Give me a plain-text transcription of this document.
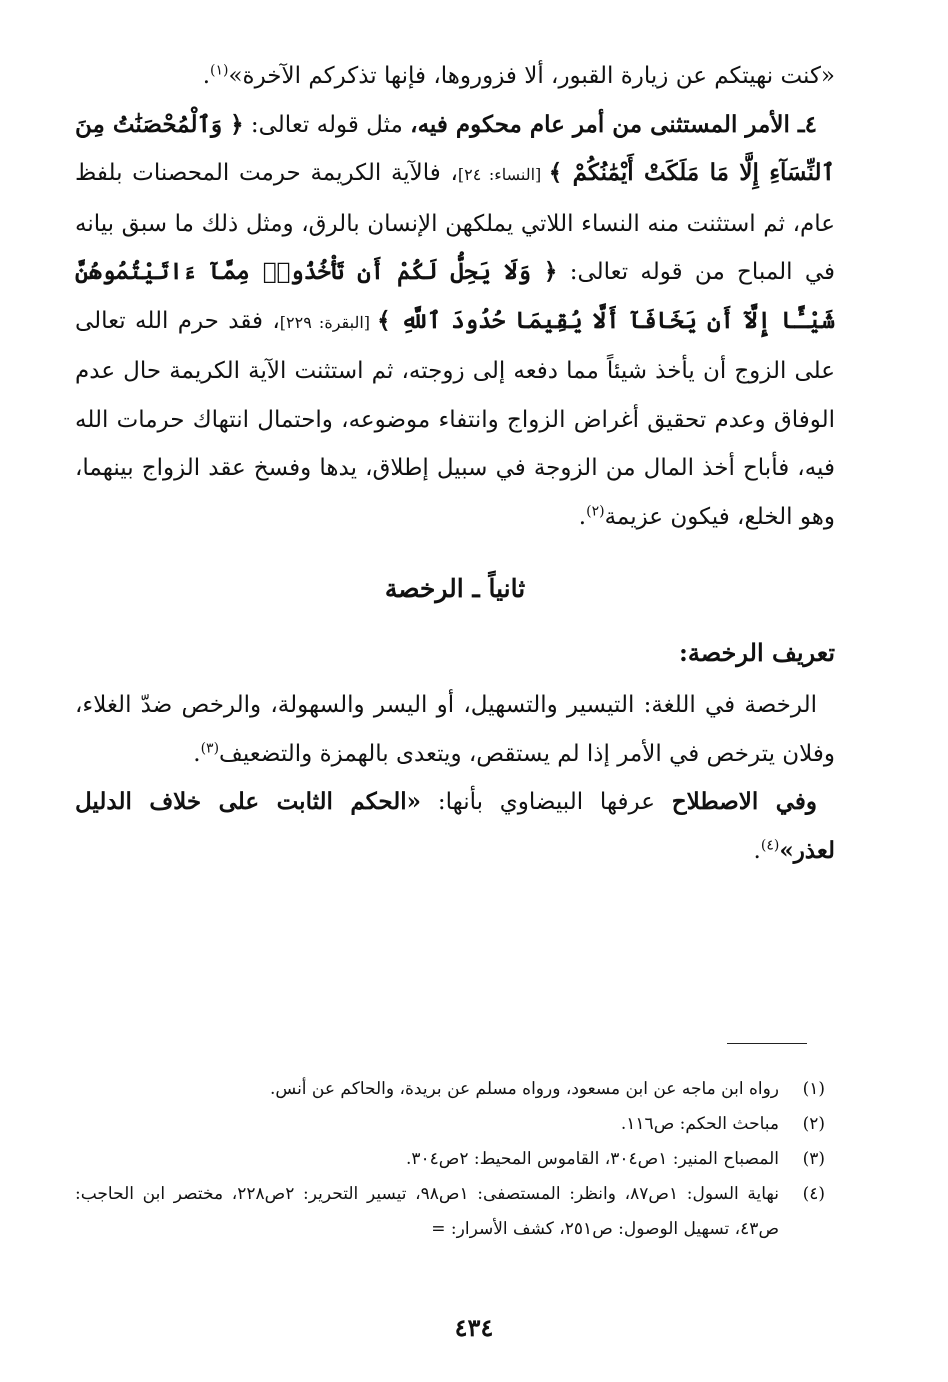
«كنت نهيتكم عن زيارة القبور، ألا فزوروها، فإنها تذكركم الآخرة»$^{(١)}$.

٤ـ الأمر المستثنى من أمر عام محكوم فيه، مثل قوله تعالى: ﴿ وَٱلْمُحْصَنَٰتُ مِنَ ٱلنِّسَآءِ إِلَّا مَا مَلَكَتْ أَيْمَٰنُكُمْ ﴾ [النساء: ٢٤]، فالآية الكريمة حرمت المحصنات بلفظ عام، ثم استثنت منه النساء اللاتي يملكهن الإنسان بالرق، ومثل ذلك ما سبق بيانه في المباح من قوله تعالى: ﴿ وَلَا يَحِلُّ لَكُمْ أَن تَأْخُذُوا۟ مِمَّآ ءَاتَيْتُمُوهُنَّ شَيْـًٔا إِلَّآ أَن يَخَافَآ أَلَّا يُقِيمَا حُدُودَ ٱللَّهِ ﴾ [البقرة: ٢٢٩]، فقد حرم الله تعالى على الزوج أن يأخذ شيئاً مما دفعه إلى زوجته، ثم استثنت الآية الكريمة حال عدم الوفاق وعدم تحقيق أغراض الزواج وانتفاء موضوعه، واحتمال انتهاك حرمات الله فيه، فأباح أخذ المال من الزوجة في سبيل إطلاق، يدها وفسخ عقد الزواج بينهما، وهو الخلع، فيكون عزيمة$^{(٢)}$.

ثانياً ـ الرخصة
تعريف الرخصة:

الرخصة في اللغة: التيسير والتسهيل، أو اليسر والسهولة، والرخص ضدّ الغلاء، وفلان يترخص في الأمر إذا لم يستقص، ويتعدى بالهمزة والتضعيف$^{(٣)}$.

وفي الاصطلاح عرفها البيضاوي بأنها: «الحكم الثابت على خلاف الدليل لعذر»$^{(٤)}$.

(١)
رواه ابن ماجه عن ابن مسعود، ورواه مسلم عن بريدة، والحاكم عن أنس.
(٢)
مباحث الحكم: ص١١٦.
(٣)
المصباح المنير: ١ص٣٠٤، القاموس المحيط: ٢ص٣٠٤.
(٤)
نهاية السول: ١ص٨٧، وانظر: المستصفى: ١ص٩٨، تيسير التحرير: ٢ص٢٢٨، مختصر ابن الحاجب: ص٤٣، تسهيل الوصول: ص٢٥١، كشف الأسرار: =
٤٣٤
